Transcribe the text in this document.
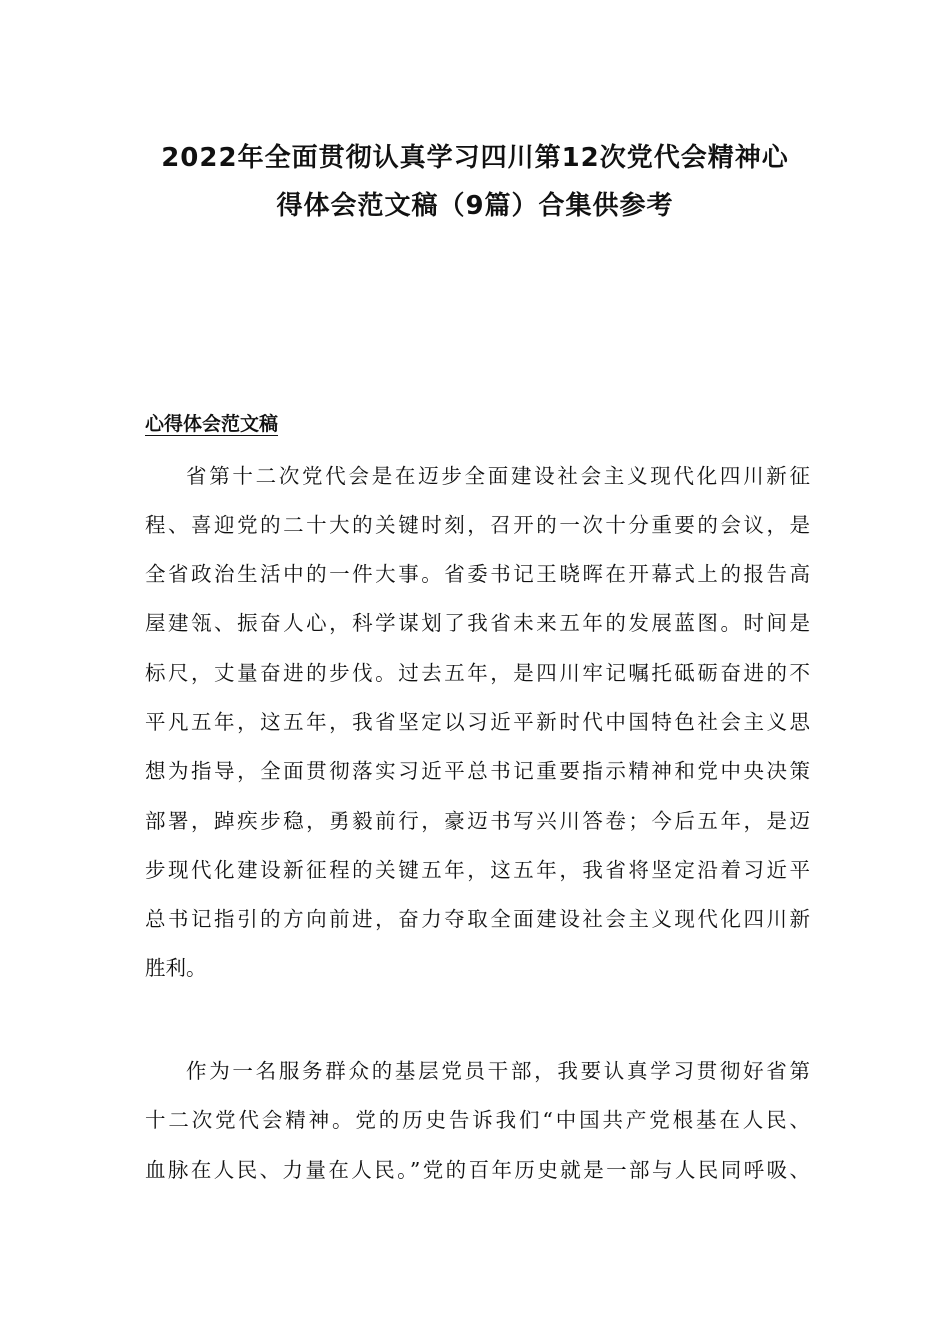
2022年全面贯彻认真学习四川第12次党代会精神心
得体会范文稿（9篇）合集供参考
心得体会范文稿

省第十二次党代会是在迈步全面建设社会主义现代化四川新征

程、喜迎党的二十大的关键时刻，召开的一次十分重要的会议，是

全省政治生活中的一件大事。省委书记王晓晖在开幕式上的报告高

屋建瓴、振奋人心，科学谋划了我省未来五年的发展蓝图。时间是

标尺，丈量奋进的步伐。过去五年，是四川牢记嘱托砥砺奋进的不

平凡五年，这五年，我省坚定以习近平新时代中国特色社会主义思

想为指导，全面贯彻落实习近平总书记重要指示精神和党中央决策

部署，踔疾步稳，勇毅前行，豪迈书写兴川答卷；今后五年，是迈

步现代化建设新征程的关键五年，这五年，我省将坚定沿着习近平

总书记指引的方向前进，奋力夺取全面建设社会主义现代化四川新

胜利。

作为一名服务群众的基层党员干部，我要认真学习贯彻好省第

十二次党代会精神。党的历史告诉我们“中国共产党根基在人民、

血脉在人民、力量在人民。”党的百年历史就是一部与人民同呼吸、
